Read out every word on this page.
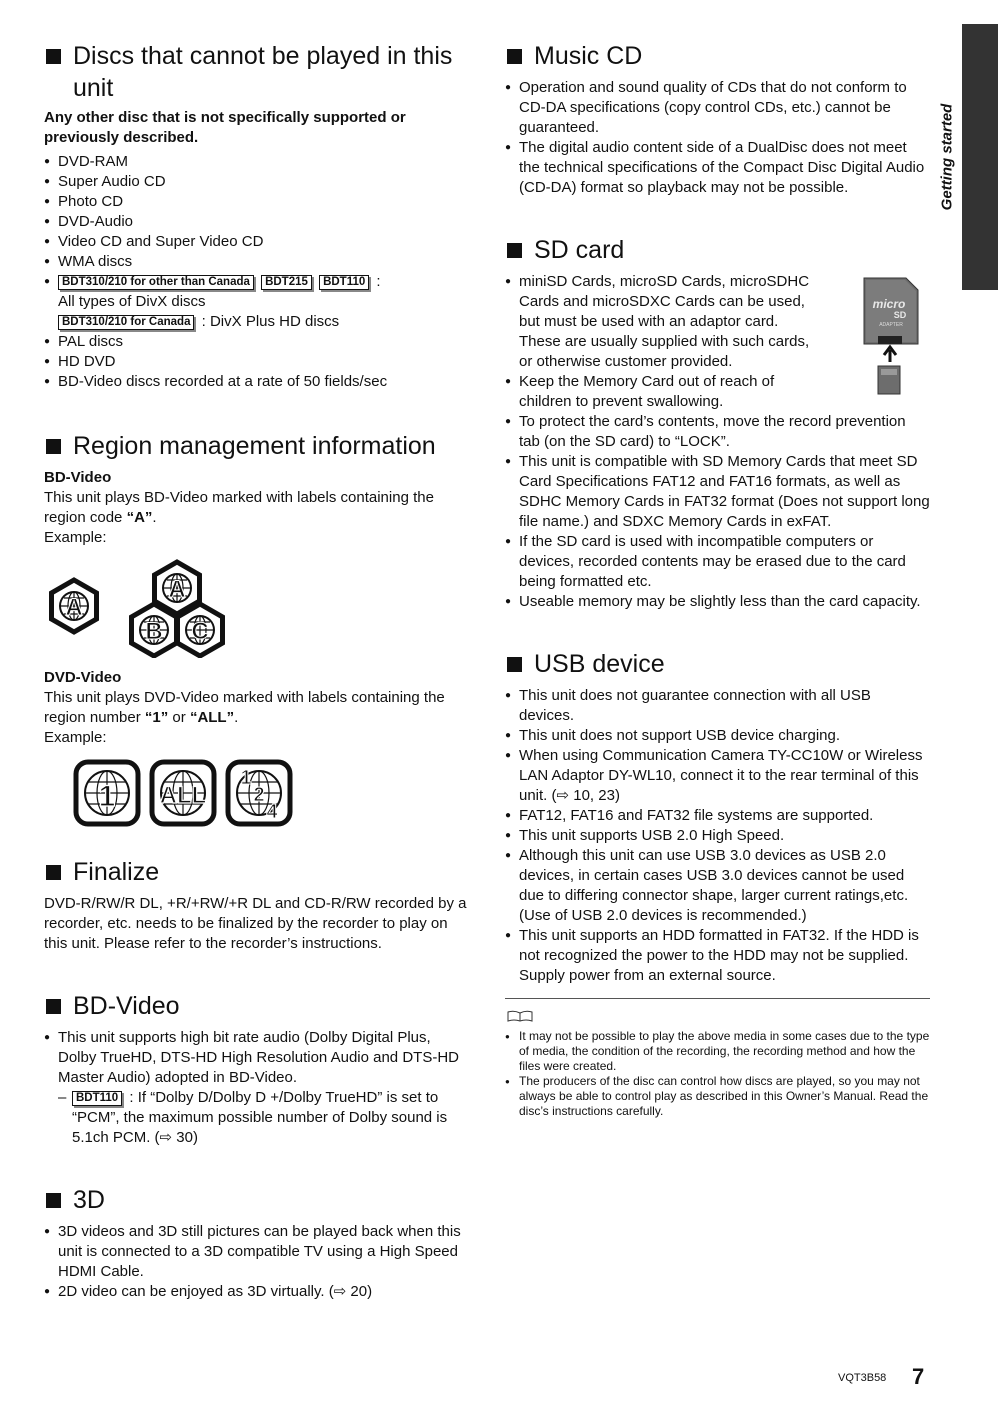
Getting started
Discs that cannot be played in this unit
Any other disc that is not specifically supported or previously described.
● DVD-RAM
● Super Audio CD
● Photo CD
● DVD-Audio
● Video CD and Super Video CD
● WMA discs
● BDT310/210 for other than Canada BDT215 BDT110 :
All types of DivX discs
BDT310/210 for Canada : DivX Plus HD discs
● PAL discs
● HD DVD
● BD-Video discs recorded at a rate of 50 fields/sec
Region management information
BD-Video
This unit plays BD-Video marked with labels containing the region code “A”.
Example:
A
A
B C
DVD-Video
This unit plays DVD-Video marked with labels containing the region number “1” or “ALL”.
Example:
1 ALL
1
2
4
Finalize
DVD-R/RW/R DL, +R/+RW/+R DL and CD-R/RW recorded by a recorder, etc. needs to be finalized by the recorder to play on this unit. Please refer to the recorder’s instructions.
BD-Video
● This unit supports high bit rate audio (Dolby Digital Plus, Dolby TrueHD, DTS-HD High Resolution Audio and DTS-HD Master Audio) adopted in BD-Video.
– BDT110 : If “Dolby D/Dolby D +/Dolby TrueHD” is set to “PCM”, the maximum possible number of Dolby sound is 5.1ch PCM. (⇨ 30)
3D
● 3D videos and 3D still pictures can be played back when this unit is connected to a 3D compatible TV using a High Speed HDMI Cable.
● 2D video can be enjoyed as 3D virtually. (⇨ 20)
Music CD
● Operation and sound quality of CDs that do not conform to CD-DA specifications (copy control CDs, etc.) cannot be guaranteed.
● The digital audio content side of a DualDisc does not meet the technical specifications of the Compact Disc Digital Audio (CD-DA) format so playback may not be possible.
SD card
micro
SD
ADAPTER
● miniSD Cards, microSD Cards, microSDHC Cards and microSDXC Cards can be used, but must be used with an adaptor card. These are usually supplied with such cards, or otherwise customer provided.
● Keep the Memory Card out of reach of children to prevent swallowing.
● To protect the card’s contents, move the record prevention tab (on the SD card) to “LOCK”.
● This unit is compatible with SD Memory Cards that meet SD Card Specifications FAT12 and FAT16 formats, as well as SDHC Memory Cards in FAT32 format (Does not support long file name.) and SDXC Memory Cards in exFAT.
● If the SD card is used with incompatible computers or devices, recorded contents may be erased due to the card being formatted etc.
● Useable memory may be slightly less than the card capacity.
USB device
● This unit does not guarantee connection with all USB devices.
● This unit does not support USB device charging.
● When using Communication Camera TY-CC10W or Wireless LAN Adaptor DY-WL10, connect it to the rear terminal of this unit. (⇨ 10, 23)
● FAT12, FAT16 and FAT32 file systems are supported.
● This unit supports USB 2.0 High Speed.
● Although this unit can use USB 3.0 devices as USB 2.0 devices, in certain cases USB 3.0 devices cannot be used due to differing connector shape, larger current ratings,etc. (Use of USB 2.0 devices is recommended.)
● This unit supports an HDD formatted in FAT32. If the HDD is not recognized the power to the HDD may not be supplied. Supply power from an external source.
● It may not be possible to play the above media in some cases due to the type of media, the condition of the recording, the recording method and how the files were created.
● The producers of the disc can control how discs are played, so you may not always be able to control play as described in this Owner’s Manual. Read the disc’s instructions carefully.
VQT3B58 7
